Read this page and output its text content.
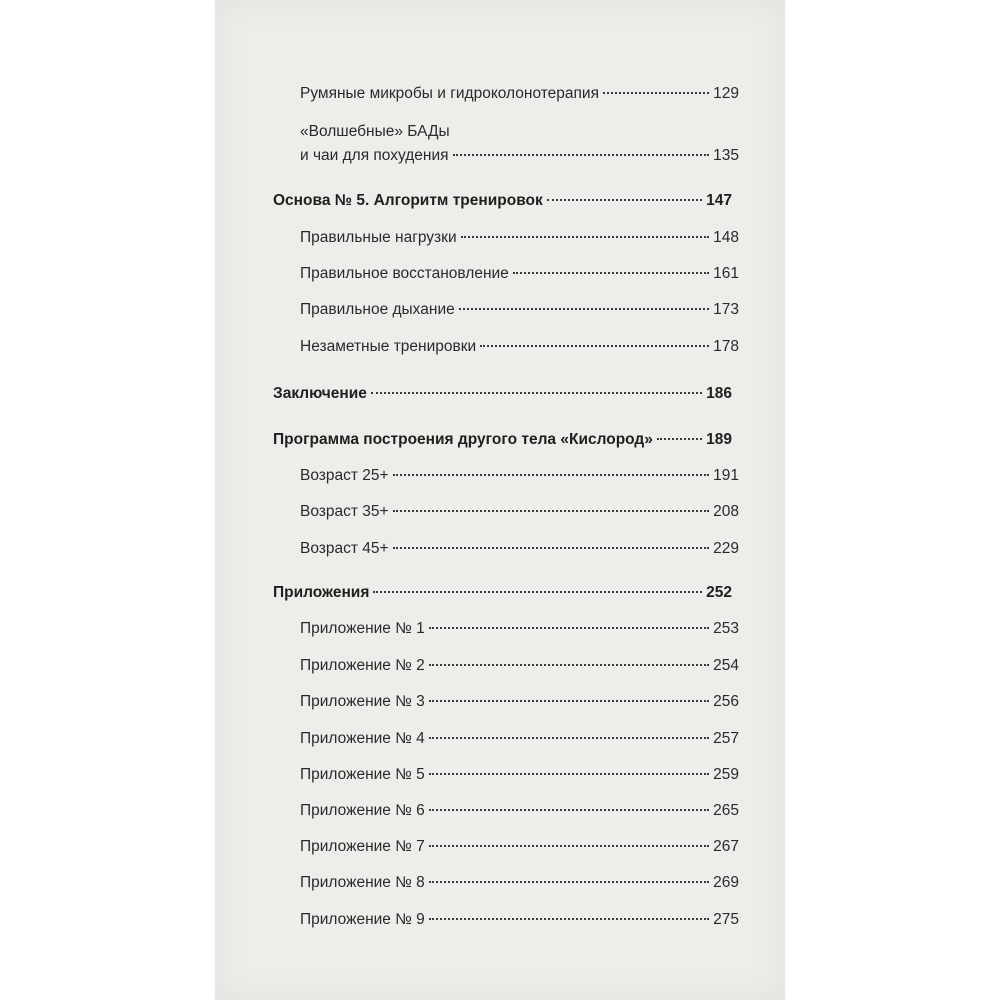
Румяные микробы и гидроколонотерапия	129
«Волшебные» БАДы
и чаи для похудения	135
Основа № 5. Алгоритм тренировок	147
Правильные нагрузки	148
Правильное восстановление	161
Правильное дыхание	173
Незаметные тренировки	178
Заключение	186
Программа построения другого тела «Кислород»	189
Возраст 25+	191
Возраст 35+	208
Возраст 45+	229
Приложения	252
Приложение № 1	253
Приложение № 2	254
Приложение № 3	256
Приложение № 4	257
Приложение № 5	259
Приложение № 6	265
Приложение № 7	267
Приложение № 8	269
Приложение № 9	275
